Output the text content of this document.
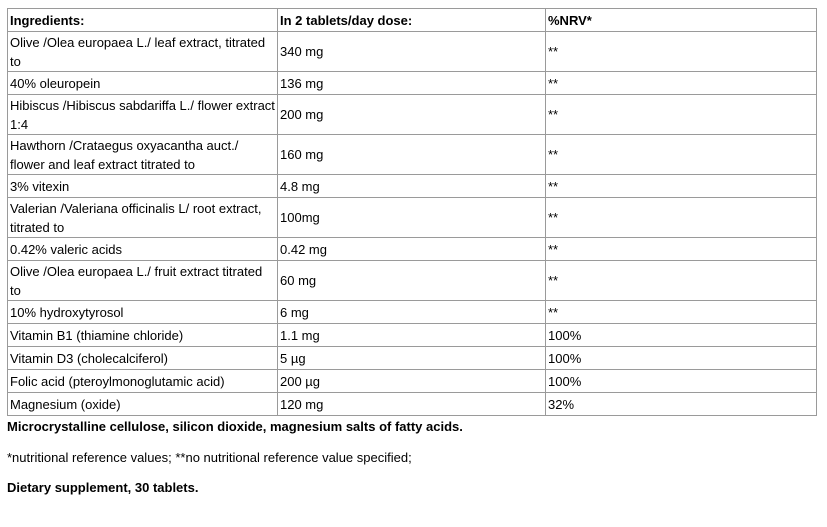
Ingredients:	In 2 tablets/day dose:	%NRV*
Olive /Olea europaea L./ leaf extract, titrated to	340 mg	**
40% oleuropein	136 mg	**
Hibiscus /Hibiscus sabdariffa L./ flower extract 1:4	200 mg	**
Hawthorn /Crataegus oxyacantha auct./ flower and leaf extract titrated to	160 mg	**
3% vitexin	4.8 mg	**
Valerian /Valeriana officinalis L/ root extract, titrated to	100mg	**
0.42% valeric acids	0.42 mg	**
Olive /Olea europaea L./ fruit extract titrated to	60 mg	**
10% hydroxytyrosol	6 mg	**
Vitamin B1 (thiamine chloride)	1.1 mg	100%
Vitamin D3 (cholecalciferol)	5 µg	100%
Folic acid (pteroylmonoglutamic acid)	200 µg	100%
Magnesium (oxide)	120 mg	32%

Microcrystalline cellulose, silicon dioxide, magnesium salts of fatty acids.

*nutritional reference values; **no nutritional reference value specified;

Dietary supplement, 30 tablets.
